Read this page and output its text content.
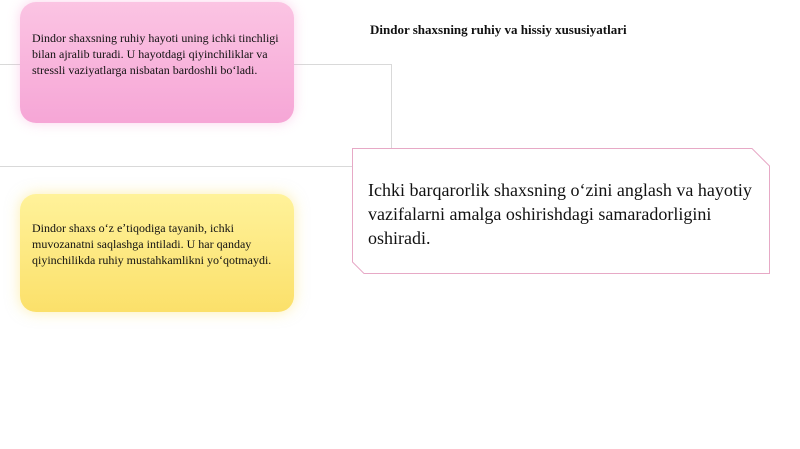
Dindor shaxsning ruhiy hayoti uning ichki tinchligi bilan ajralib turadi. U hayotdagi qiyinchiliklar va stressli vaziyatlarga nisbatan bardoshli boʻladi.

Dindor shaxs oʻz eʼtiqodiga tayanib, ichki muvozanatni saqlashga intiladi. U har qanday qiyinchilikda ruhiy mustahkamlikni yoʻqotmaydi.

Dindor shaxsning ruhiy va hissiy xususiyatlari

Ichki barqarorlik shaxsning oʻzini anglash va hayotiy vazifalarni amalga oshirishdagi samaradorligini oshiradi.
